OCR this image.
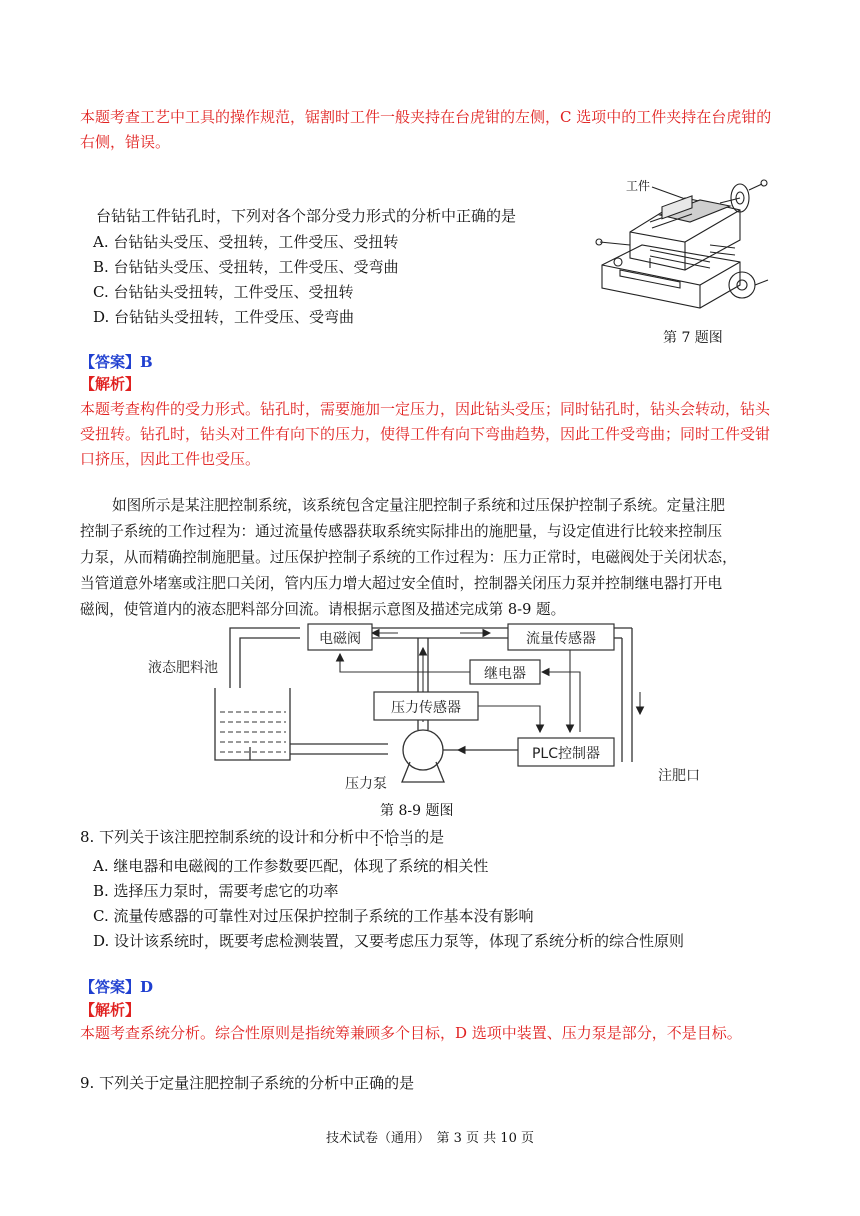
本题考查工艺中工具的操作规范，锯割时工件一般夹持在台虎钳的左侧，C 选项中的工件夹持在台虎钳的
右侧，错误。
台钻钻工件钻孔时，下列对各个部分受力形式的分析中正确的是
A. 台钻钻头受压、受扭转，工件受压、受扭转
B. 台钻钻头受压、受扭转，工件受压、受弯曲
C. 台钻钻头受扭转，工件受压、受扭转
D. 台钻钻头受扭转，工件受压、受弯曲
工件
第 7 题图
【答案】B
【解析】
本题考查构件的受力形式。钻孔时，需要施加一定压力，因此钻头受压；同时钻孔时，钻头会转动，钻头
受扭转。钻孔时，钻头对工件有向下的压力，使得工件有向下弯曲趋势，因此工件受弯曲；同时工件受钳
口挤压，因此工件也受压。
如图所示是某注肥控制系统，该系统包含定量注肥控制子系统和过压保护控制子系统。定量注肥
控制子系统的工作过程为：通过流量传感器获取系统实际排出的施肥量，与设定值进行比较来控制压
力泵，从而精确控制施肥量。过压保护控制子系统的工作过程为：压力正常时，电磁阀处于关闭状态，
当管道意外堵塞或注肥口关闭，管内压力增大超过安全值时，控制器关闭压力泵并控制继电器打开电
磁阀，使管道内的液态肥料部分回流。请根据示意图及描述完成第 8-9 题。
电磁阀	流量传感器
继电器
压力传感器
PLC控制器
液态肥料池
压力泵	注肥口
第 8-9 题图
8. 下列关于该注肥控制系统的设计和分析中不恰当的是
A. 继电器和电磁阀的工作参数要匹配，体现了系统的相关性
B. 选择压力泵时，需要考虑它的功率
C. 流量传感器的可靠性对过压保护控制子系统的工作基本没有影响
D. 设计该系统时，既要考虑检测装置，又要考虑压力泵等，体现了系统分析的综合性原则
【答案】D
【解析】
本题考查系统分析。综合性原则是指统筹兼顾多个目标，D 选项中装置、压力泵是部分，不是目标。
9. 下列关于定量注肥控制子系统的分析中正确的是
技术试卷（通用）　第 3 页 共 10 页
